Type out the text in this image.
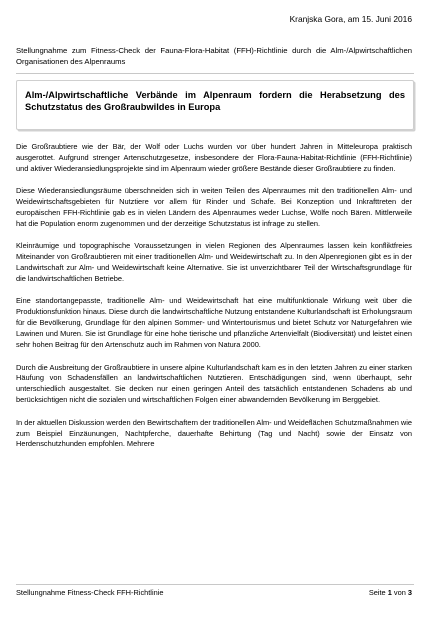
Kranjska Gora, am 15. Juni 2016

Stellungnahme zum Fitness-Check der Fauna-Flora-Habitat (FFH)-Richtlinie durch die Alm-/Alpwirtschaftlichen Organisationen des Alpenraums

Alm-/Alpwirtschaftliche Verbände im Alpenraum fordern die Herabsetzung des Schutzstatus des Großraubwildes in Europa

Die Großraubtiere wie der Bär, der Wolf oder Luchs wurden vor über hundert Jahren in Mitteleuropa praktisch ausgerottet. Aufgrund strenger Artenschutzgesetze, insbesondere der Flora-Fauna-Habitat-Richtlinie (FFH-Richtlinie) und aktiver Wiederansiedlungsprojekte sind im Alpenraum wieder größere Bestände dieser Großraubtiere zu finden.

Diese Wiederansiedlungsräume überschneiden sich in weiten Teilen des Alpenraumes mit den traditionellen Alm- und Weidewirtschaftsgebieten für Nutztiere vor allem für Rinder und Schafe. Bei Konzeption und Inkrafttreten der europäischen FFH-Richtlinie gab es in vielen Ländern des Alpenraumes weder Luchse, Wölfe noch Bären. Mittlerweile hat die Population enorm zugenommen und der derzeitige Schutzstatus ist infrage zu stellen.

Kleinräumige und topographische Voraussetzungen in vielen Regionen des Alpenraumes lassen kein konfliktfreies Miteinander von Großraubtieren mit einer traditionellen Alm- und Weidewirtschaft zu. In den Alpenregionen gibt es in der Landwirtschaft zur Alm- und Weidewirtschaft keine Alternative. Sie ist unverzichtbarer Teil der Wirtschaftsgrundlage für die landwirtschaftlichen Betriebe.

Eine standortangepasste, traditionelle Alm- und Weidewirtschaft hat eine multifunktionale Wirkung weit über die Produktionsfunktion hinaus. Diese durch die landwirtschaftliche Nutzung entstandene Kulturlandschaft ist Erholungsraum für die Bevölkerung, Grundlage für den alpinen Sommer- und Wintertourismus und bietet Schutz vor Naturgefahren wie Lawinen und Muren. Sie ist Grundlage für eine hohe tierische und pflanzliche Artenvielfalt (Biodiversität) und leistet einen sehr hohen Beitrag für den Artenschutz auch im Rahmen von Natura 2000.

Durch die Ausbreitung der Großraubtiere in unsere alpine Kulturlandschaft kam es in den letzten Jahren zu einer starken Häufung von Schadensfällen an landwirtschaftlichen Nutztieren. Entschädigungen sind, wenn überhaupt, sehr unterschiedlich ausgestaltet. Sie decken nur einen geringen Anteil des tatsächlich entstandenen Schadens ab und berücksichtigen nicht die sozialen und wirtschaftlichen Folgen einer abwandernden Bevölkerung im Berggebiet.

In der aktuellen Diskussion werden den Bewirtschaftern der traditionellen Alm- und Weideflächen Schutzmaßnahmen wie zum Beispiel Einzäunungen, Nachtpferche, dauerhafte Behirtung (Tag und Nacht) sowie der Einsatz von Herdenschutzhunden empfohlen. Mehrere

Stellungnahme Fitness-Check FFH-Richtlinie	Seite 1 von 3
